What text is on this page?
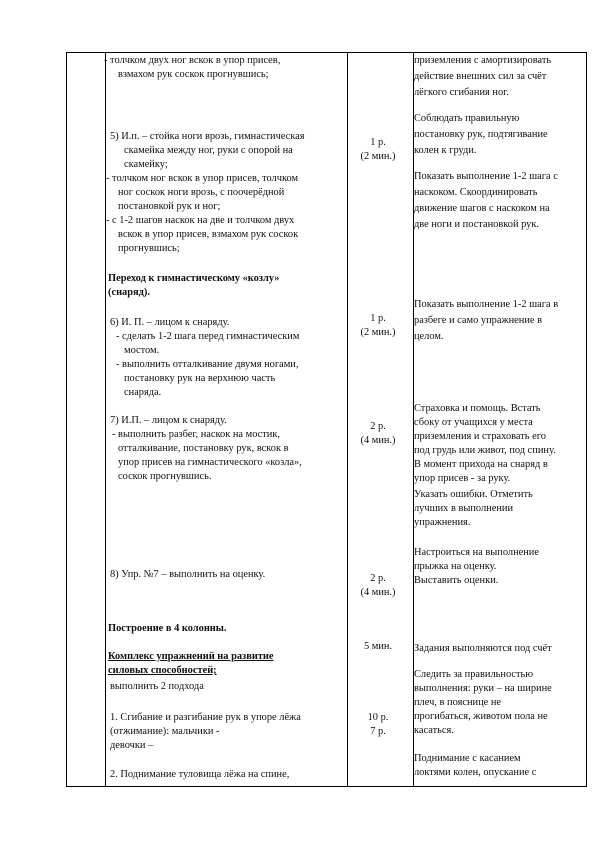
- толчком двух ног вскок в упор присев,
взмахом рук соскок прогнувшись;
5) И.п. – стойка ноги врозь, гимнастическая
скамейка между ног, руки с опорой на
скамейку;
- толчком ног вскок в упор присев, толчком
ног соскок ноги врозь, с поочерёдной
постановкой рук и ног;
- с 1-2 шагов наскок на две и толчком двух
вскок в упор присев, взмахом рук соскок
прогнувшись;
Переход к гимнастическому «козлу»
(снаряд).
6) И. П. – лицом к снаряду.
- сделать 1-2 шага перед гимнастическим
мостом.
- выполнить отталкивание двумя ногами,
постановку рук на верхнюю часть
снаряда.
7) И.П. – лицом к снаряду.
- выполнить разбег, наскок на мостик,
отталкивание, постановку рук, вскок в
упор присев на гимнастического «козла»,
соскок прогнувшись.
8) Упр. №7 – выполнить на оценку.
Построение в 4 колонны.
Комплекс упражнений на развитие
силовых способностей;
выполнить 2 подхода
1. Сгибание и разгибание рук в упоре лёжа
(отжимание): мальчики -
девочки –
2. Поднимание туловища лёжа на спине,
1 р.
(2 мин.)
1 р.
(2 мин.)
2 р.
(4 мин.)
2 р.
(4 мин.)
5 мин.
10 р.
7 р.
приземления с амортизировать
действие внешних сил за счёт
лёгкого сгибания ног.
Соблюдать правильную
постановку рук, подтягивание
колен к груди.
Показать выполнение 1-2 шага с
наскоком. Скоординировать
движение шагов с наскоком на
две ноги и постановкой рук.
Показать выполнение 1-2 шага в
разбеге и само упражнение в
целом.
Страховка и помощь. Встать
сбоку от учащихся у места
приземления и страховать его
под грудь или живот, под спину.
В момент прихода на снаряд в
упор присев - за руку.
Указать ошибки. Отметить
лучших в выполнении
упражнения.
Настроиться на выполнение
прыжка на оценку.
Выставить оценки.
Задания выполняются под счёт
Следить за правильностью
выполнения: руки – на ширине
плеч, в пояснице не
прогибаться, животом пола не
касаться.
Поднимание с касанием
локтями колен, опускание с
